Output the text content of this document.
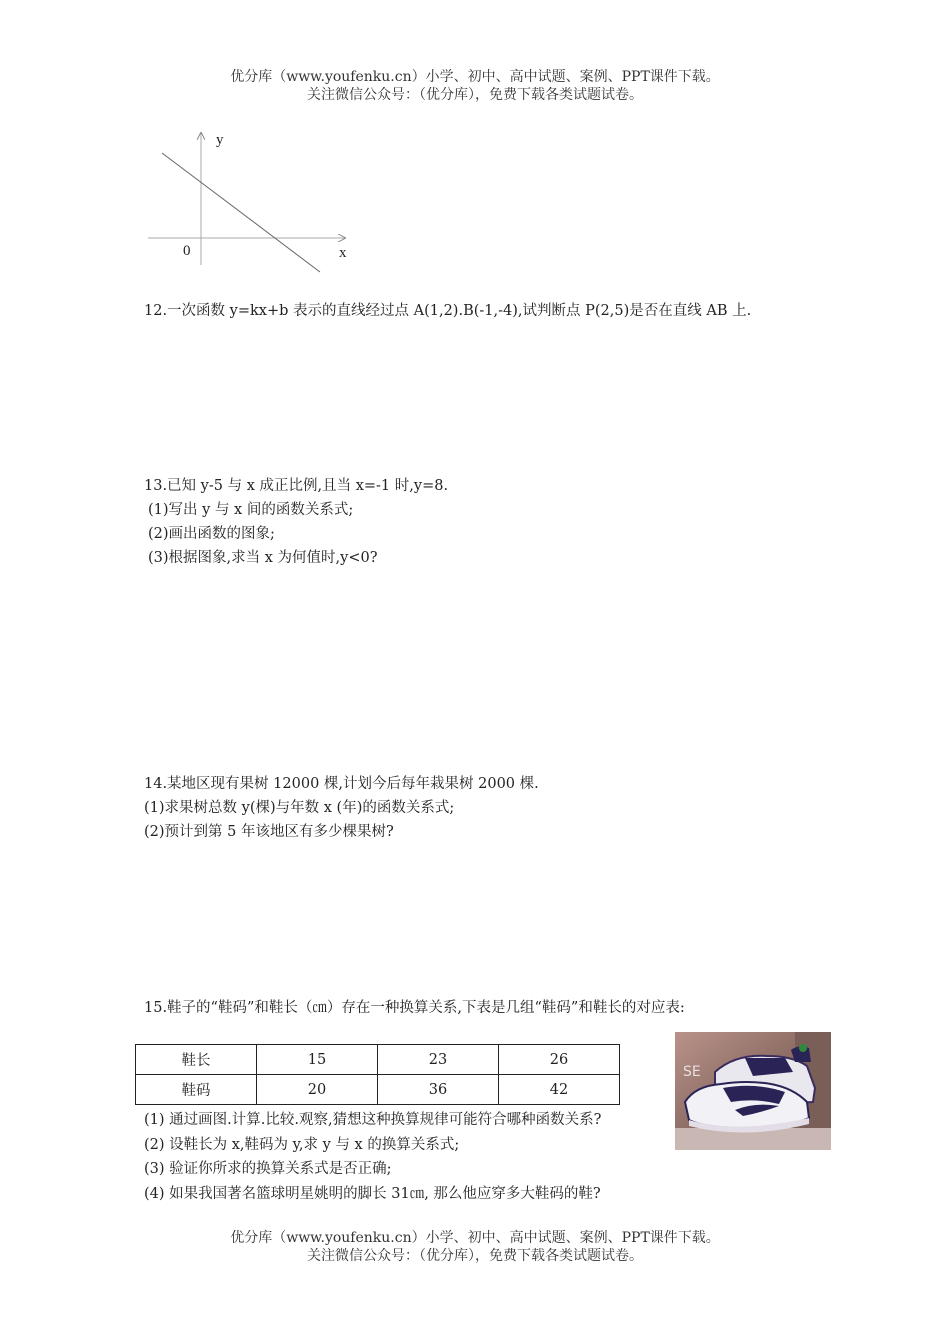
优分库（www.youfenku.cn）小学、初中、高中试题、案例、PPT课件下载。
关注微信公众号：（优分库），免费下载各类试题试卷。
y
x
0
12.一次函数 y=kx+b 表示的直线经过点 A(1,2).B(-1,-4),试判断点 P(2,5)是否在直线 AB 上.
13.已知 y-5 与 x 成正比例,且当 x=-1 时,y=8.
(1)写出 y 与 x 间的函数关系式;
(2)画出函数的图象;
(3)根据图象,求当 x 为何值时,y<0?
14.某地区现有果树 12000 棵,计划今后每年栽果树 2000 棵.
(1)求果树总数 y(棵)与年数 x (年)的函数关系式;
(2)预计到第 5 年该地区有多少棵果树?
15.鞋子的“鞋码”和鞋长（㎝）存在一种换算关系,下表是几组“鞋码”和鞋长的对应表:
鞋长	15	23	26
鞋码	20	36	42
SE
(1) 通过画图.计算.比较.观察,猜想这种换算规律可能符合哪种函数关系?
(2) 设鞋长为 x,鞋码为 y,求 y 与 x 的换算关系式;
(3) 验证你所求的换算关系式是否正确;
(4) 如果我国著名篮球明星姚明的脚长 31㎝, 那么他应穿多大鞋码的鞋?
优分库（www.youfenku.cn）小学、初中、高中试题、案例、PPT课件下载。
关注微信公众号：（优分库），免费下载各类试题试卷。
